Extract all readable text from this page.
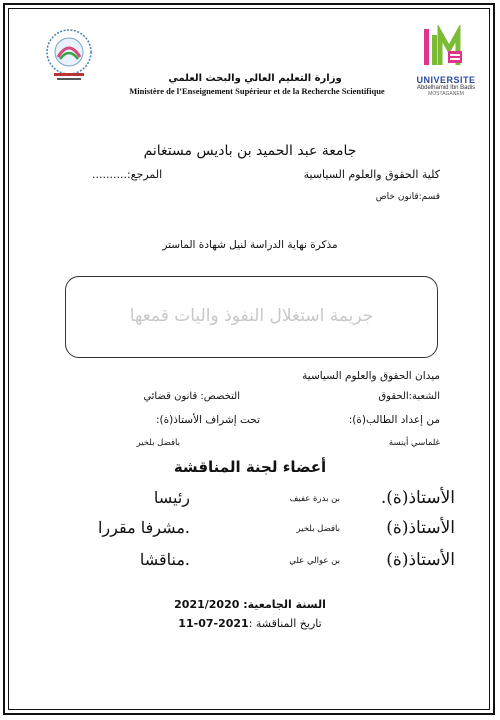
UNIVERSITE
Abdelhamid Ibn Badis
MOSTAGANEM
وزارة التعليم العالي والبحث العلمي
Ministère de l’Enseignement Supérieur et de la Recherche Scientifique
جامعة عبد الحميد بن باديس مستغانم
كلية الحقوق والعلوم السياسية
المرجع:..........
قسم:قانون خاص
مذكرة نهاية الدراسة لنيل شهادة الماستر
جريمة استغلال النفوذ واليات قمعها
ميدان الحقوق والعلوم السياسية
الشعبة:الحقوق
التخصص: قانون قضائي
من إعداد الطالب(ة):
تحت إشراف الأستاذ(ة):
غلماسي أينسة
بافضل بلخير
أعضاء لجنة المناقشة
الأستاذ(ة).
بن بدرة عفيف
رئيسا
الأستاذ(ة)
بافضل بلخير
.مشرفا مقررا
الأستاذ(ة)
بن عوالي علي
.مناقشا
السنة الجامعية: 2021/2020
تاريخ المناقشة :2021-07-11
